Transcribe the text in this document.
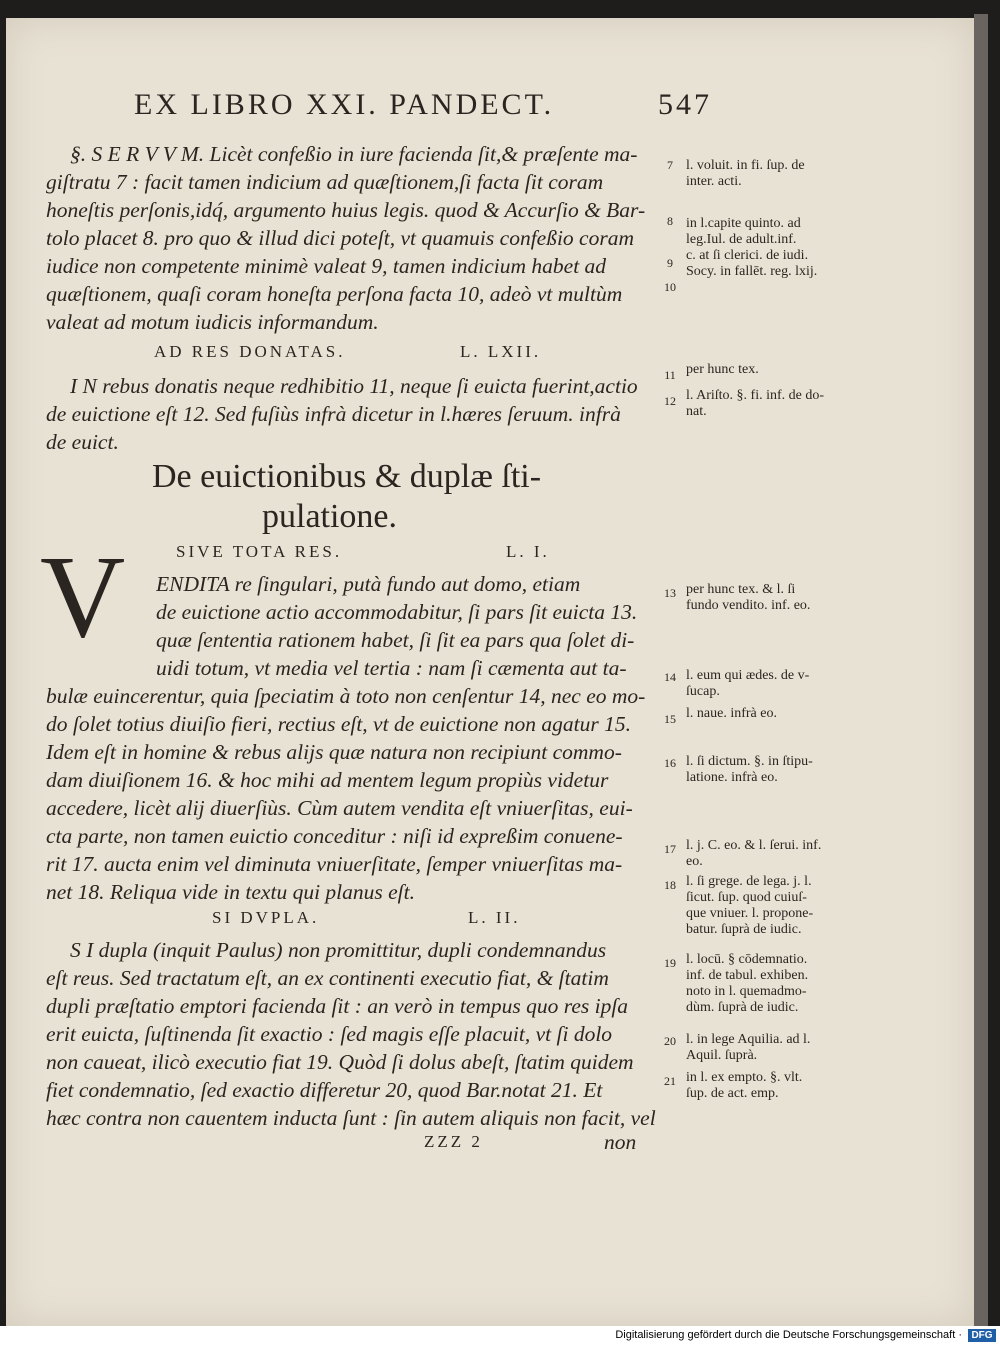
EX LIBRO XXI. PANDECT.	547
§. S E R V V M. Licèt confeßio in iure facienda ſit,& præſente ma-
giſtratu 7 : facit tamen indicium ad quæſtionem,ſi facta ſit coram
honeſtis perſonis,idq́, argumento huius legis. quod & Accurſio & Bar-
tolo placet 8. pro quo & illud dici poteſt, vt quamuis confeßio coram
iudice non competente minimè valeat 9, tamen indicium habet ad
quæſtionem, quaſi coram honeſta perſona facta 10, adeò vt multùm
valeat ad motum iudicis informandum.
AD RES DONATAS.	L. LXII.
I N rebus donatis neque redhibitio 11, neque ſi euicta fuerint,actio
de euictione eſt 12. Sed fuſiùs infrà dicetur in l.hæres ſeruum. infrà
de euict.
De euictionibus & duplæ ſti-
pulatione.
SIVE TOTA RES.	L. I.
V ENDITA re ſingulari, putà fundo aut domo, etiam
de euictione actio accommodabitur, ſi pars ſit euicta 13.
quæ ſententia rationem habet, ſi ſit ea pars qua ſolet di-
uidi totum, vt media vel tertia : nam ſi cæmenta aut ta-
bulæ euincerentur, quia ſpeciatim à toto non cenſentur 14, nec eo mo-
do ſolet totius diuiſio fieri, rectius eſt, vt de euictione non agatur 15.
Idem eſt in homine & rebus alijs quæ natura non recipiunt commo-
dam diuiſionem 16. & hoc mihi ad mentem legum propiùs videtur
accedere, licèt alij diuerſiùs. Cùm autem vendita eſt vniuerſitas, eui-
cta parte, non tamen euictio conceditur : niſi id expreßim conuene-
rit 17. aucta enim vel diminuta vniuerſitate, ſemper vniuerſitas ma-
net 18. Reliqua vide in textu qui planus eſt.
SI DVPLA.	L. II.
S I dupla (inquit Paulus) non promittitur, dupli condemnandus
eſt reus. Sed tractatum eſt, an ex continenti executio fiat, & ſtatim
dupli præſtatio emptori facienda ſit : an verò in tempus quo res ipſa
erit euicta, ſuſtinenda ſit exactio : ſed magis eſſe placuit, vt ſi dolo
non caueat, ilicò executio fiat 19. Quòd ſi dolus abeſt, ſtatim quidem
fiet condemnatio, ſed exactio differetur 20, quod Bar.notat 21. Et
hæc contra non cauentem inducta ſunt : ſin autem aliquis non facit, vel
ZZZ 2	non
7
8
9
10
11
12
13
14
15
16
17
18
19
20
21
l. voluit. in fi. ſup. de
inter. acti.
in l.capite quinto. ad
leg.Iul. de adult.inf.
c. at ſi clerici. de iudi.
Socy. in fallēt. reg. lxij.
per hunc tex.
l. Ariſto. §. fi. inf. de do-
nat.
per hunc tex. & l. ſi
fundo vendito. inf. eo.
l. eum qui ædes. de v-
ſucap.
l. naue. infrà eo.
l. ſi dictum. §. in ſtipu-
latione. infrà eo.
l. j. C. eo. & l. ſerui. inf.
eo.
l. ſi grege. de lega. j. l.
ſicut. ſup. quod cuiuſ-
que vniuer. l. propone-
batur. ſuprà de iudic.
l. locū. § cōdemnatio.
inf. de tabul. exhiben.
noto in l. quemadmo-
dùm. ſuprà de iudic.
l. in lege Aquilia. ad l.
Aquil. ſuprà.
in l. ex empto. §. vlt.
ſup. de act. emp.
Digitalisierung gefördert durch die Deutsche Forschungsgemeinschaft · DFG
